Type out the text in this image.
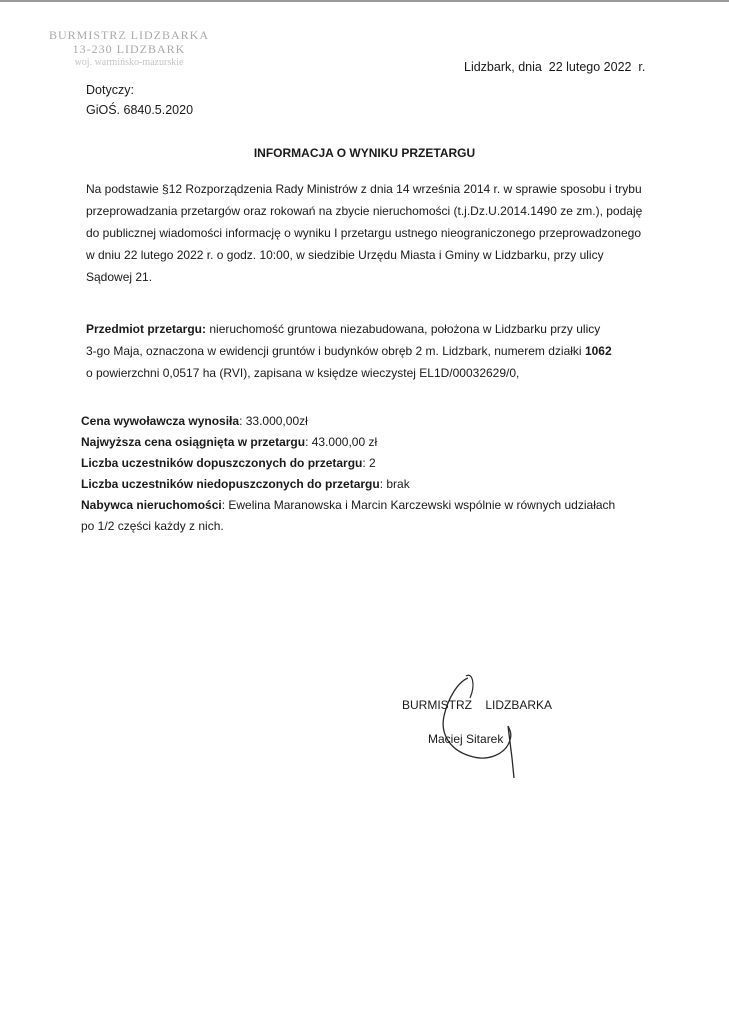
BURMISTRZ LIDZBARKA
13-230 LIDZBARK
woj. warmińsko-mazurskie	Lidzbark, dnia  22 lutego 2022  r.
Dotyczy:
GiOŚ. 6840.5.2020
INFORMACJA O WYNIKU PRZETARGU
Na podstawie §12 Rozporządzenia Rady Ministrów z dnia 14 września 2014 r. w sprawie sposobu i trybu
przeprowadzania przetargów oraz rokowań na zbycie nieruchomości (t.j.Dz.U.2014.1490 ze zm.), podaję
do publicznej wiadomości informację o wyniku I przetargu ustnego nieograniczonego przeprowadzonego
w dniu 22 lutego 2022 r. o godz. 10:00, w siedzibie Urzędu Miasta i Gminy w Lidzbarku, przy ulicy
Sądowej 21.
Przedmiot przetargu: nieruchomość gruntowa niezabudowana, położona w Lidzbarku przy ulicy
3-go Maja, oznaczona w ewidencji gruntów i budynków obręb 2 m. Lidzbark, numerem działki 1062
o powierzchni 0,0517 ha (RVI), zapisana w księdze wieczystej EL1D/00032629/0,
Cena wywoławcza wynosiła: 33.000,00zł
Najwyższa cena osiągnięta w przetargu: 43.000,00 zł
Liczba uczestników dopuszczonych do przetargu: 2
Liczba uczestników niedopuszczonych do przetargu: brak
Nabywca nieruchomości: Ewelina Maranowska i Marcin Karczewski wspólnie w równych udziałach
po 1/2 części każdy z nich.
BURMISTRZ    LIDZBARKA
Maciej Sitarek
